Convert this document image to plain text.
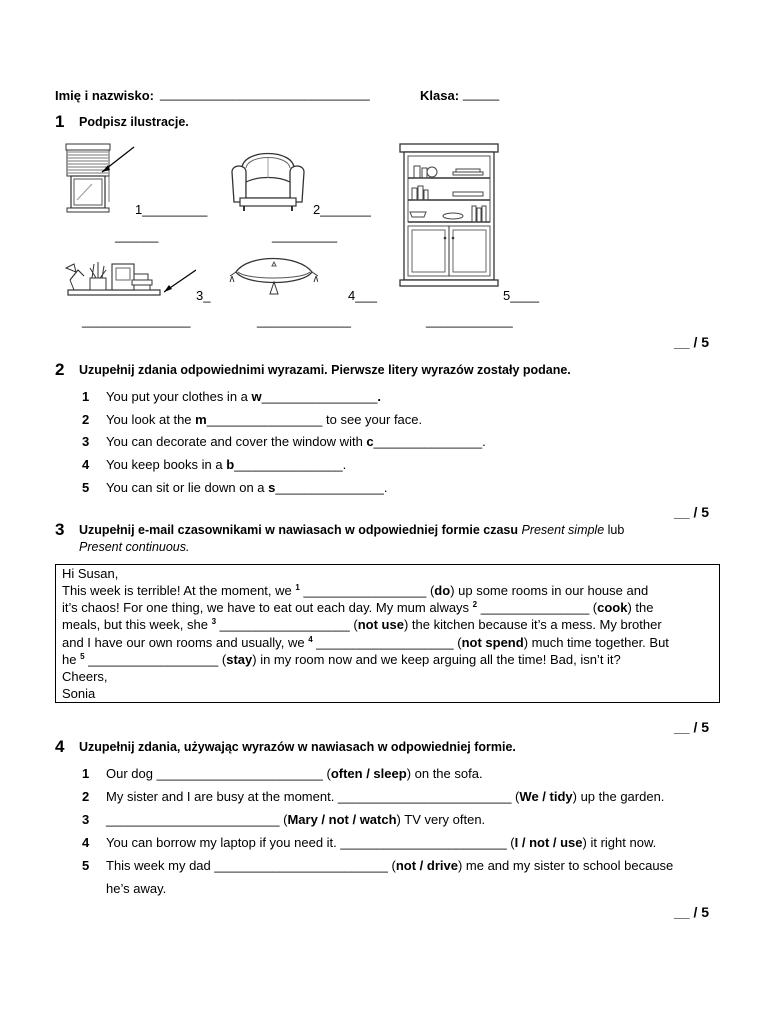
Imię i nazwisko: _____________________________	Klasa: _____
1 Podpisz ilustracje.
1_________
______
2_______
_________
3_
_______________
4___
_____________
5____
____________
__ / 5
2 Uzupełnij zdania odpowiednimi wyrazami. Pierwsze litery wyrazów zostały podane.
1 You put your clothes in a w________________.
2 You look at the m________________ to see your face.
3 You can decorate and cover the window with c_______________.
4 You keep books in a b_______________.
5 You can sit or lie down on a s_______________.
__ / 5
3 Uzupełnij e-mail czasownikami w nawiasach w odpowiedniej formie czasu Present simple lub
Present continuous.
Hi Susan,
This week is terrible! At the moment, we $^1$ _________________ (do) up some rooms in our house and
it’s chaos! For one thing, we have to eat out each day. My mum always $^2$ _______________ (cook) the
meals, but this week, she $^3$ __________________ (not use) the kitchen because it’s a mess. My brother
and I have our own rooms and usually, we $^4$ ___________________ (not spend) much time together. But
he $^5$ __________________ (stay) in my room now and we keep arguing all the time! Bad, isn’t it?
Cheers,
Sonia
__ / 5
4 Uzupełnij zdania, używając wyrazów w nawiasach w odpowiedniej formie.
1 Our dog _______________________ (often / sleep) on the sofa.
2 My sister and I are busy at the moment. ________________________ (We / tidy) up the garden.
3 ________________________ (Mary / not / watch) TV very often.
4 You can borrow my laptop if you need it. _______________________ (I / not / use) it right now.
5 This week my dad ________________________ (not / drive) me and my sister to school because
he’s away.
__ / 5
